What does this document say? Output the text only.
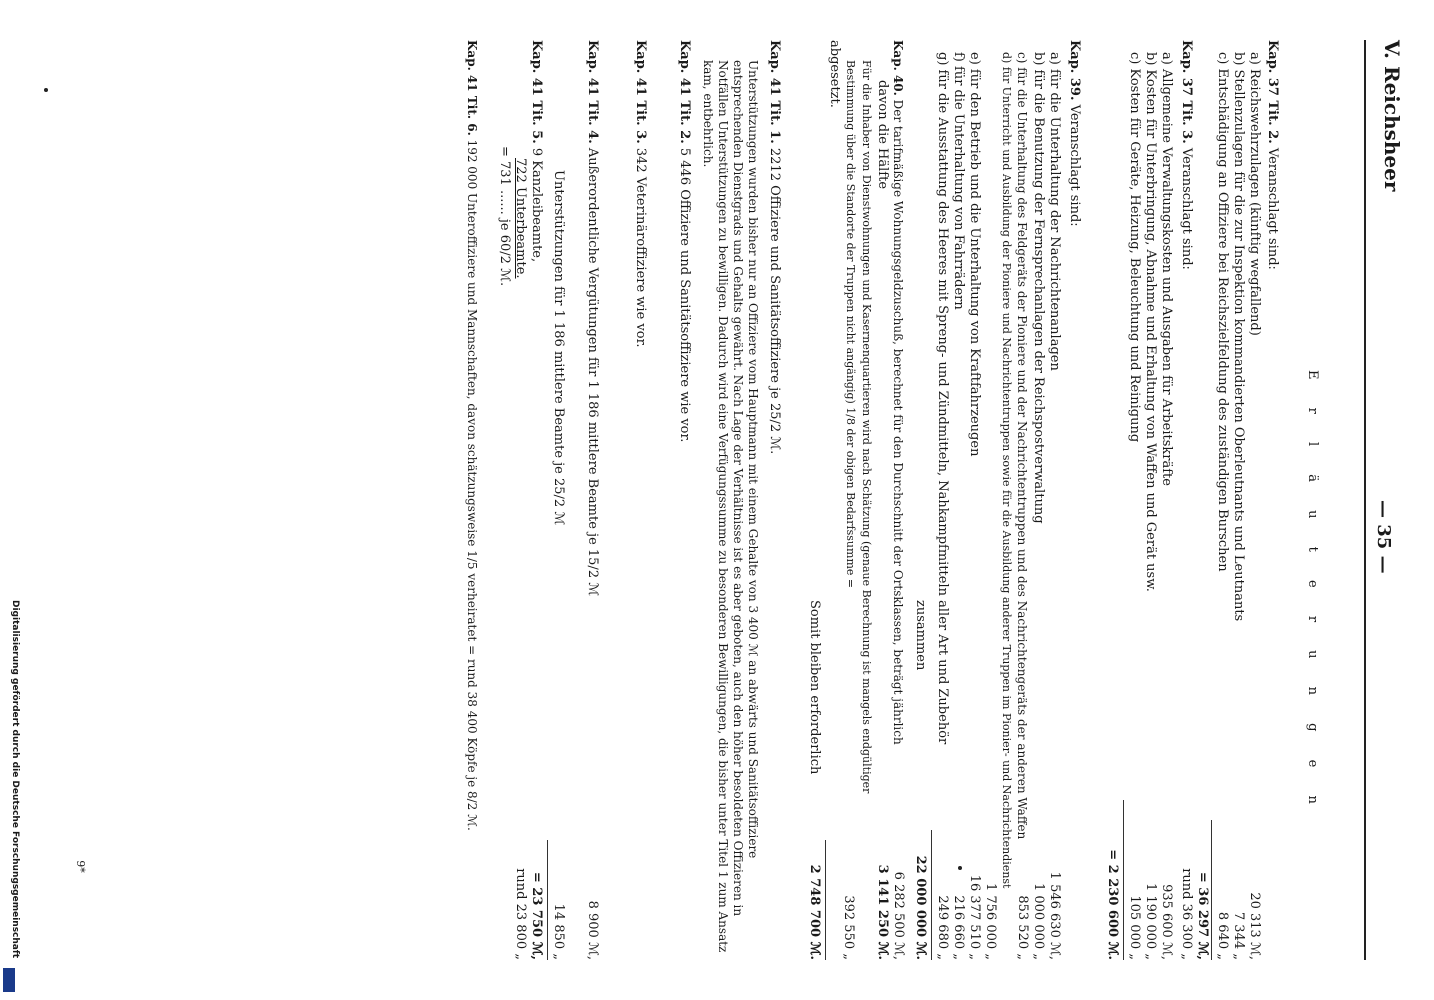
V. Reichsheer
— 35 —
E r l ä u t e r u n g e n
Kap. 37 Tit. 2. Veranschlagt sind:
a) Reichswehrzulagen (künftig wegfallend)
20 313 ℳ,
b) Stellenzulagen für die zur Inspektion kommandierten Oberleutnants und Leutnants
7 344 „
c) Entschädigung an Offiziere bei Reichszielfeldung des zuständigen Burschen
8 640 „
= 36 297 ℳ,
rund 36 300 „
Kap. 37 Tit. 3. Veranschlagt sind:
a) Allgemeine Verwaltungskosten und Ausgaben für Arbeitskräfte
935 600 ℳ,
b) Kosten für Unterbringung, Abnahme und Erhaltung von Waffen und Gerät usw.
1 190 000 „
c) Kosten für Geräte, Heizung, Beleuchtung und Reinigung
105 000 „
= 2 230 600 ℳ.
Kap. 39. Veranschlagt sind:
a) für die Unterhaltung der Nachrichtenanlagen
1 546 630 ℳ,
b) für die Benutzung der Fernsprechanlagen der Reichspostverwaltung
1 000 000 „
c) für die Unterhaltung des Feldgeräts der Pioniere und der Nachrichtentruppen und des Nachrichtengeräts der anderen Waffen
853 520 „
d) für Unterricht und Ausbildung der Pioniere und Nachrichtentruppen sowie für die Ausbildung anderer Truppen im Pionier- und Nachrichtendienst
1 756 000 „
e) für den Betrieb und die Unterhaltung von Kraftfahrzeugen
16 377 510 „
f) für die Unterhaltung von Fahrrädern
216 660 „
g) für die Ausstattung des Heeres mit Spreng- und Zündmitteln, Nahkampfmitteln aller Art und Zubehör
249 680 „
zusammen
22 000 000 ℳ.
Kap. 40. Der tarifmäßige Wohnungsgeldzuschuß, berechnet für den Durchschnitt der Ortsklassen, beträgt jährlich
6 282 500 ℳ,
davon die Hälfte
3 141 250 ℳ.
Für die Inhaber von Dienstwohnungen und Kasernenquartieren wird nach Schätzung (genaue Berechnung ist mangels endgültiger Bestimmung über die Standorte der Truppen nicht angängig) 1/8 der obigen Bedarfssumme =
392 550 „
abgesetzt.
Somit bleiben erforderlich
2 748 700 ℳ.
Kap. 41 Tit. 1. 2212 Offiziere und Sanitätsoffiziere je 25/2 ℳ.
Unterstützungen wurden bisher nur an Offiziere vom Hauptmann mit einem Gehalte von 3 400 ℳ an abwärts und Sanitätsoffiziere entsprechenden Dienstgrads und Gehalts gewährt. Nach Lage der Verhältnisse ist es aber geboten, auch den höher besoldeten Offizieren in Notfällen Unterstützungen zu bewilligen. Dadurch wird eine Verfügungssumme zu besonderen Bewilligungen, die bisher unter Titel 1 zum Ansatz kam, entbehrlich.
Kap. 41 Tit. 2. 5 446 Offiziere und Sanitätsoffiziere wie vor.
Kap. 41 Tit. 3. 342 Veterinäroffiziere wie vor.
Kap. 41 Tit. 4. Außerordentliche Vergütungen für 1 186 mittlere Beamte je 15/2 ℳ
8 900 ℳ,
Unterstützungen für 1 186 mittlere Beamte je 25/2 ℳ
14 850 „
= 23 750 ℳ,
rund 23 800 „
Kap. 41 Tit. 5. 9 Kanzleibeamte,
722 Unterbeamte.
= 731 ...... je 60/2 ℳ.
Kap. 41 Tit. 6. 192 000 Unteroffiziere und Mannschaften, davon schätzungsweise 1/5 verheiratet = rund 38 400 Köpfe je 8/2 ℳ.
9*
Digitalisierung gefördert durch die Deutsche Forschungsgemeinschaft
